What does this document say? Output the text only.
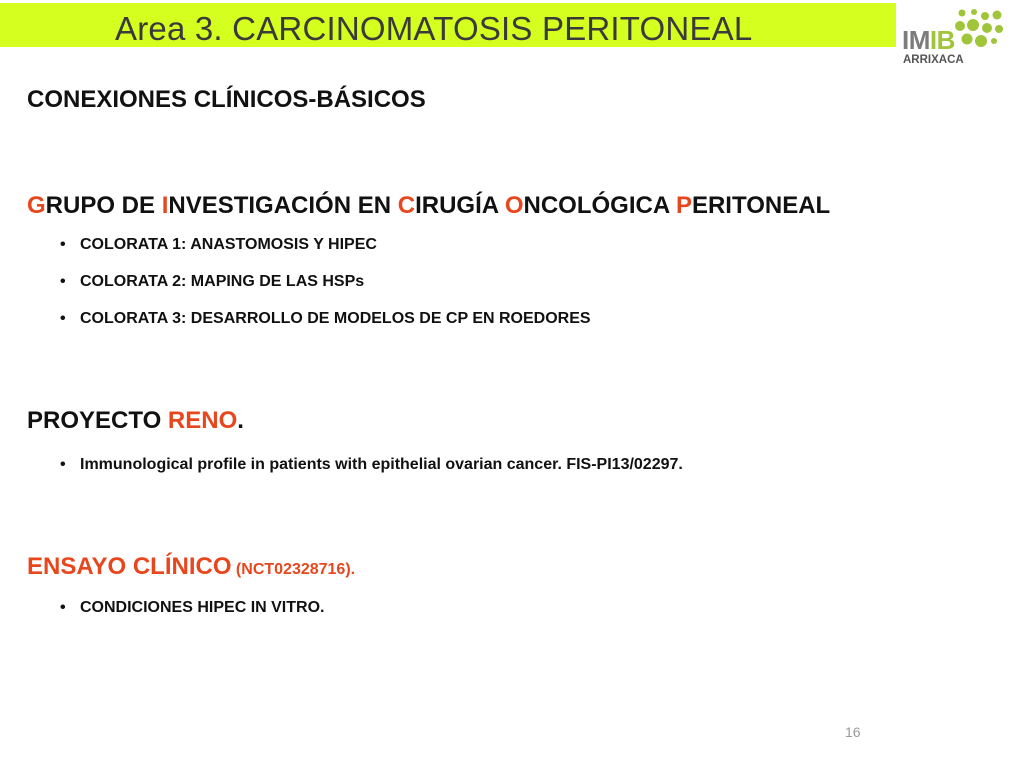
Area 3. CARCINOMATOSIS PERITONEAL	IMIB
ARRIXACA
CONEXIONES CLÍNICOS-BÁSICOS
GRUPO DE INVESTIGACIÓN EN CIRUGÍA ONCOLÓGICA PERITONEAL
• COLORATA 1: ANASTOMOSIS Y HIPEC
• COLORATA 2: MAPING DE LAS HSPs
• COLORATA 3: DESARROLLO DE MODELOS DE CP EN ROEDORES
PROYECTO RENO.
• Immunological profile in patients with epithelial ovarian cancer. FIS-PI13/02297.
ENSAYO CLÍNICO (NCT02328716).
• CONDICIONES HIPEC IN VITRO.
16
